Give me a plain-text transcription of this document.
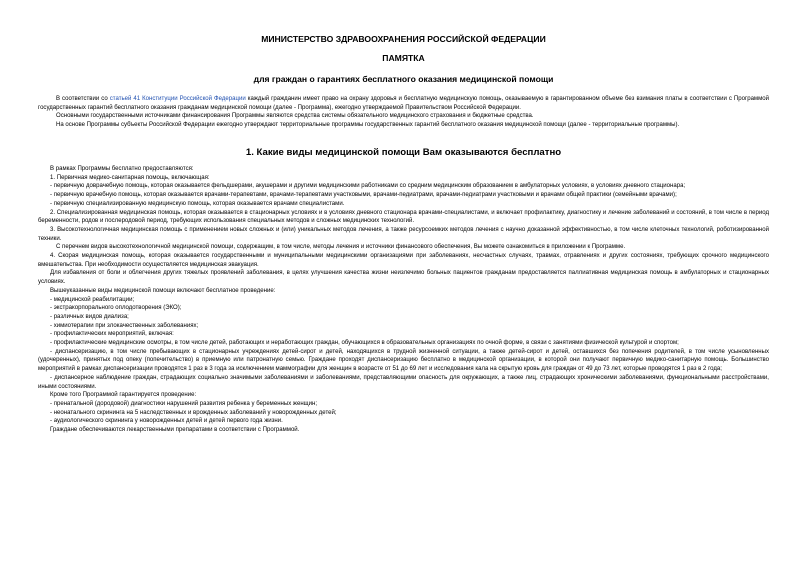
МИНИСТЕРСТВО ЗДРАВООХРАНЕНИЯ РОССИЙСКОЙ ФЕДЕРАЦИИ
ПАМЯТКА
для граждан о гарантиях бесплатного оказания медицинской помощи

В соответствии со статьей 41 Конституции Российской Федерации каждый гражданин имеет право на охрану здоровья и бесплатную медицинскую помощь, оказываемую в гарантированном объеме без взимания платы в соответствии с Программой государственных гарантий бесплатного оказания гражданам медицинской помощи (далее - Программа), ежегодно утверждаемой Правительством Российской Федерации.

Основными государственными источниками финансирования Программы являются средства системы обязательного медицинского страхования и бюджетные средства.

На основе Программы субъекты Российской Федерации ежегодно утверждают территориальные программы государственных гарантий бесплатного оказания медицинской помощи (далее - территориальные программы).

1. Какие виды медицинской помощи Вам оказываются бесплатно

В рамках Программы бесплатно предоставляются:

1. Первичная медико-санитарная помощь, включающая:

- первичную доврачебную помощь, которая оказывается фельдшерами, акушерами и другими медицинскими работниками со средним медицинским образованием в амбулаторных условиях, в условиях дневного стационара;

- первичную врачебную помощь, которая оказывается врачами-терапевтами, врачами-терапевтами участковыми, врачами-педиатрами, врачами-педиатрами участковыми и врачами общей практики (семейными врачами);

- первичную специализированную медицинскую помощь, которая оказывается врачами специалистами.

2. Специализированная медицинская помощь, которая оказывается в стационарных условиях и в условиях дневного стационара врачами-специалистами, и включает профилактику, диагностику и лечение заболеваний и состояний, в том числе в период беременности, родов и послеродовой период, требующих использования специальных методов и сложных медицинских технологий.

3. Высокотехнологичная медицинская помощь с применением новых сложных и (или) уникальных методов лечения, а также ресурсоемких методов лечения с научно доказанной эффективностью, в том числе клеточных технологий, роботизированной техники.

С перечнем видов высокотехнологичной медицинской помощи, содержащим, в том числе, методы лечения и источники финансового обеспечения, Вы можете ознакомиться в приложении к Программе.

4. Скорая медицинская помощь, которая оказывается государственными и муниципальными медицинскими организациями при заболеваниях, несчастных случаях, травмах, отравлениях и других состояниях, требующих срочного медицинского вмешательства. При необходимости осуществляется медицинская эвакуация.

Для избавления от боли и облегчения других тяжелых проявлений заболевания, в целях улучшения качества жизни неизлечимо больных пациентов гражданам предоставляется паллиативная медицинская помощь в амбулаторных и стационарных условиях.

Вышеуказанные виды медицинской помощи включают бесплатное проведение:

- медицинской реабилитации;

- экстракорпорального оплодотворения (ЭКО);

- различных видов диализа;

- химиотерапии при злокачественных заболеваниях;

- профилактических мероприятий, включая:

- профилактические медицинские осмотры, в том числе детей, работающих и неработающих граждан, обучающихся в образовательных организациях по очной форме, в связи с занятиями физической культурой и спортом;

- диспансеризацию, в том числе пребывающих в стационарных учреждениях детей-сирот и детей, находящихся в трудной жизненной ситуации, а также детей-сирот и детей, оставшихся без попечения родителей, в том числе усыновленных (удочеренных), принятых под опеку (попечительство) в приемную или патронатную семью. Граждане проходят диспансеризацию бесплатно в медицинской организации, в которой они получают первичную медико-санитарную помощь. Большинство мероприятий в рамках диспансеризации проводятся 1 раз в 3 года за исключением маммографии для женщин в возрасте от 51 до 69 лет и исследования кала на скрытую кровь для граждан от 49 до 73 лет, которые проводятся 1 раз в 2 года;

- диспансерное наблюдение граждан, страдающих социально значимыми заболеваниями и заболеваниями, представляющими опасность для окружающих, а также лиц, страдающих хроническими заболеваниями, функциональными расстройствами, иными состояниями.

Кроме того Программой гарантируется проведение:

- пренатальной (дородовой) диагностики нарушений развития ребенка у беременных женщин;

- неонатального скрининга на 5 наследственных и врожденных заболеваний у новорожденных детей;

- аудиологического скрининга у новорожденных детей и детей первого года жизни.

Граждане обеспечиваются лекарственными препаратами в соответствии с Программой.
